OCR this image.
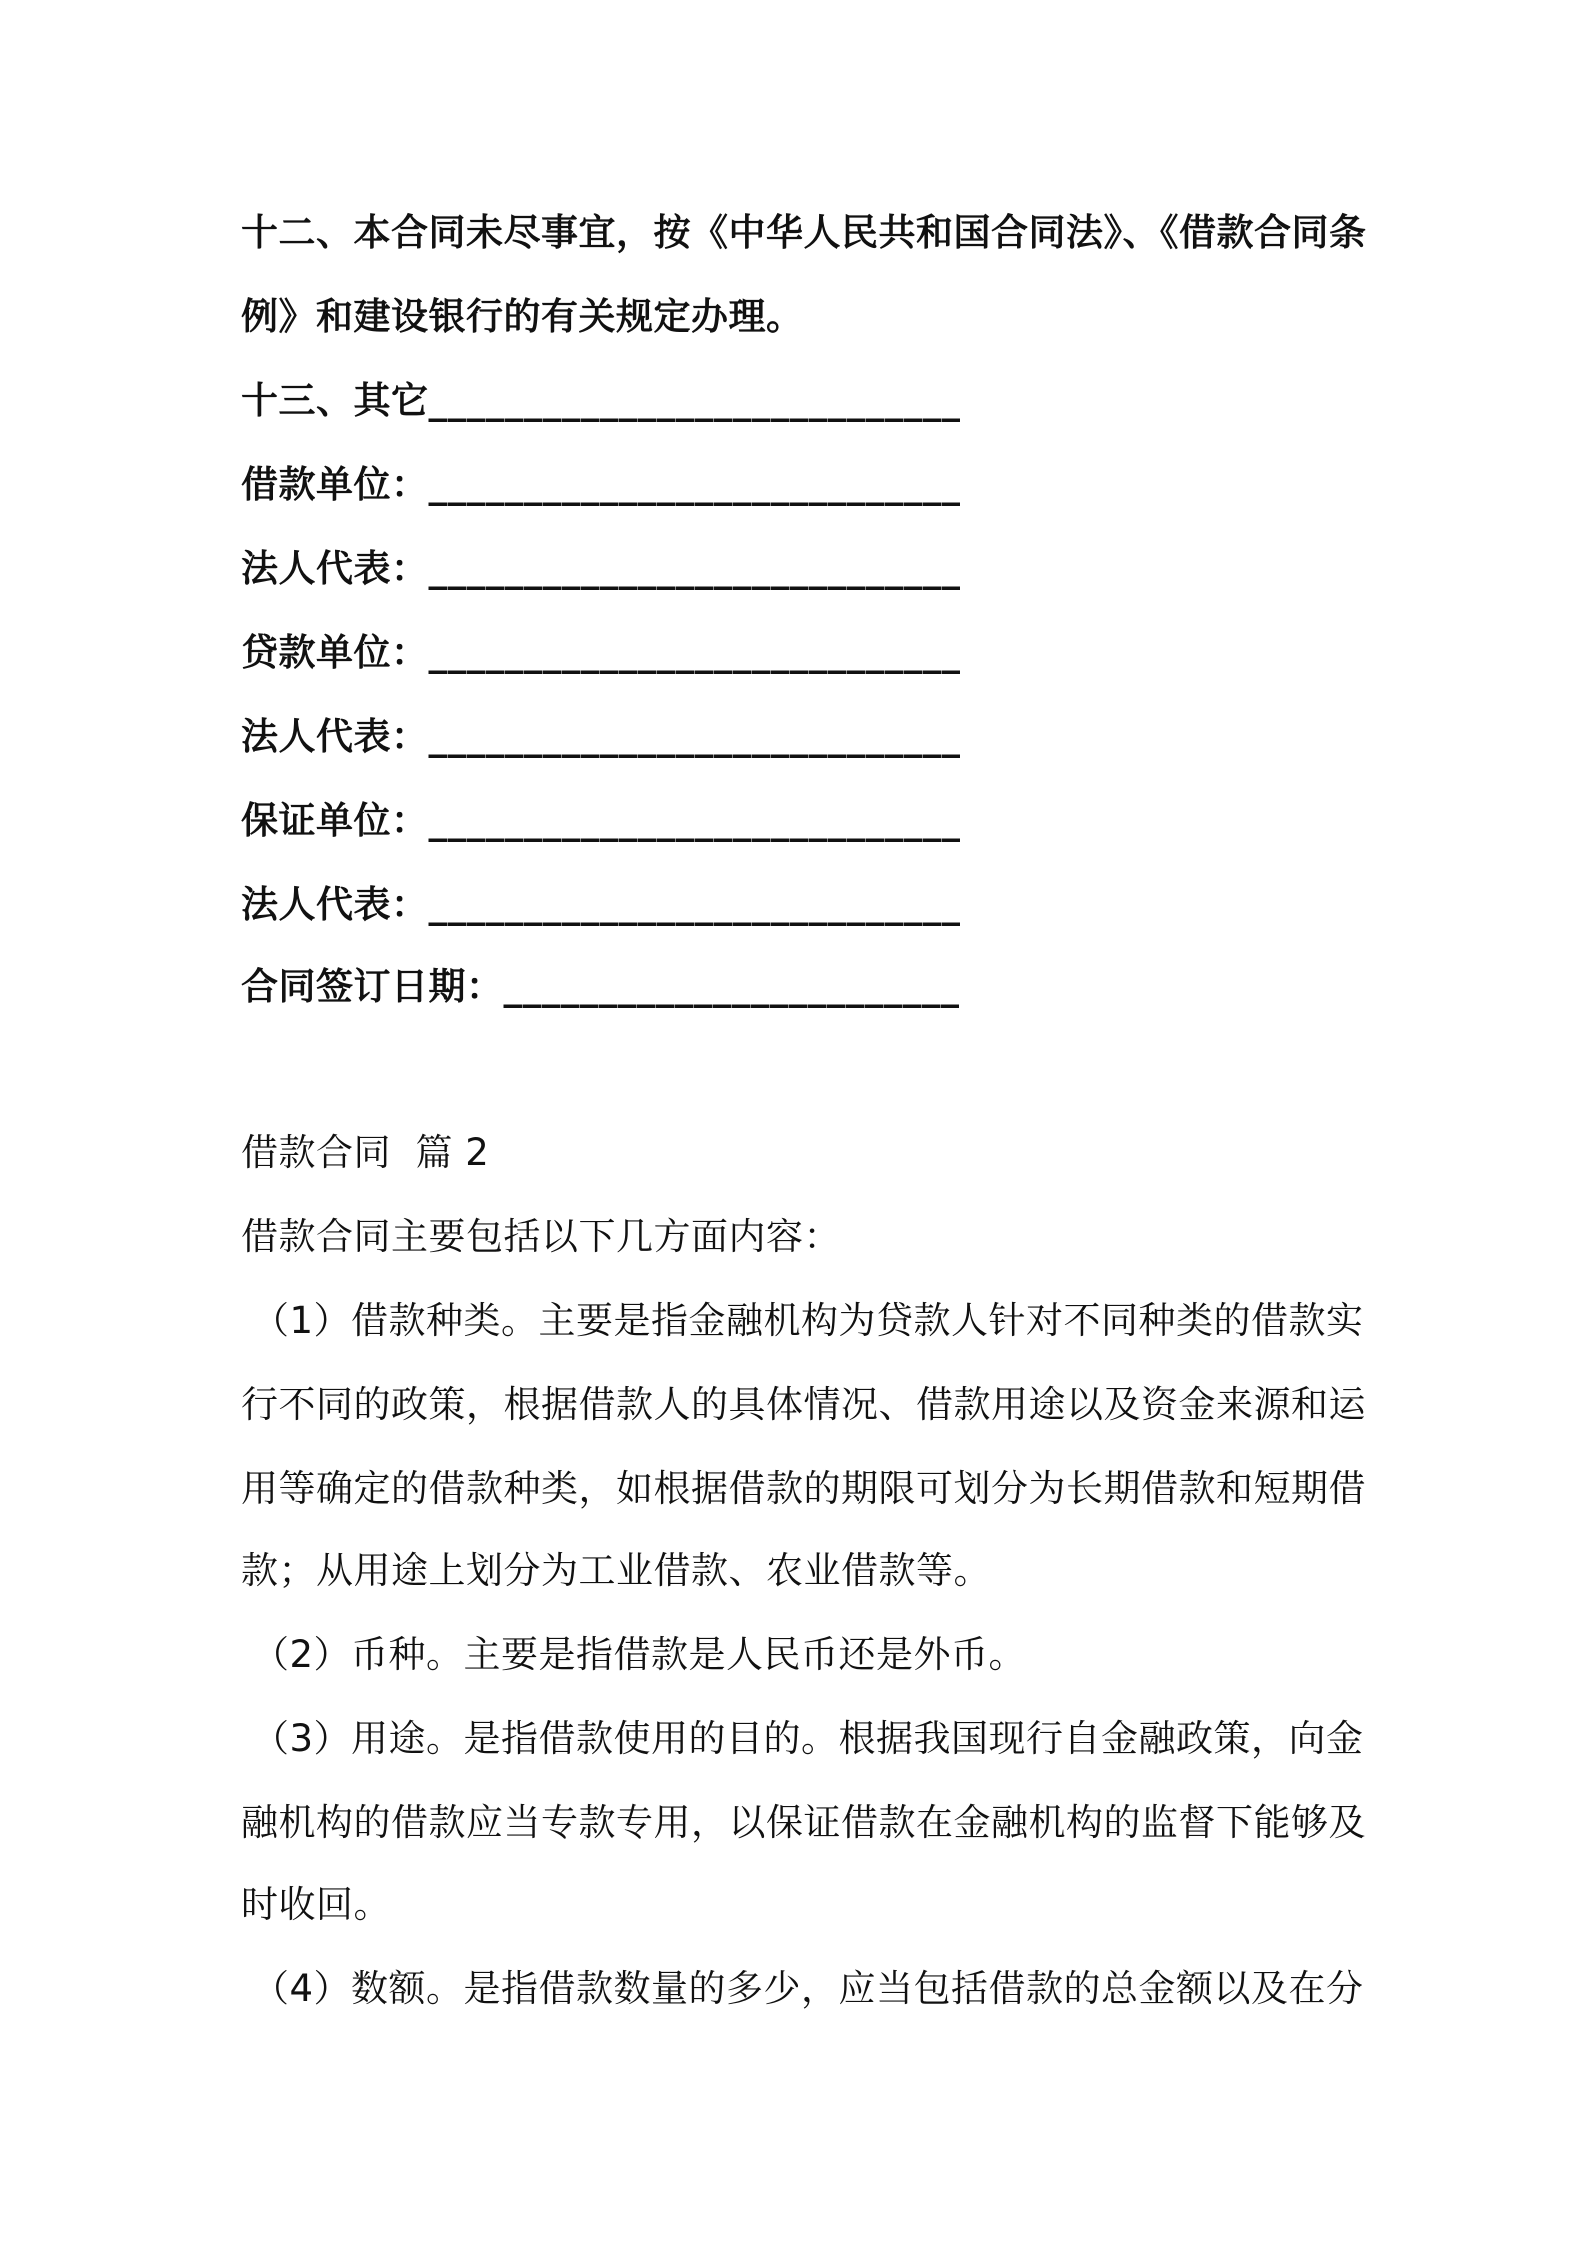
十二、本合同未尽事宜，按《中华人民共和国合同法》、《借款合同条
例》和建设银行的有关规定办理。
十三、其它____________________________
借款单位：____________________________
法人代表：____________________________
贷款单位：____________________________
法人代表：____________________________
保证单位：____________________________
法人代表：____________________________
合同签订日期：________________________
借款合同  篇 2
借款合同主要包括以下几方面内容：
（1）借款种类。主要是指金融机构为贷款人针对不同种类的借款实
行不同的政策，根据借款人的具体情况、借款用途以及资金来源和运
用等确定的借款种类，如根据借款的期限可划分为长期借款和短期借
款；从用途上划分为工业借款、农业借款等。
（2）币种。主要是指借款是人民币还是外币。
（3）用途。是指借款使用的目的。根据我国现行自金融政策，向金
融机构的借款应当专款专用，以保证借款在金融机构的监督下能够及
时收回。
（4）数额。是指借款数量的多少，应当包括借款的总金额以及在分
